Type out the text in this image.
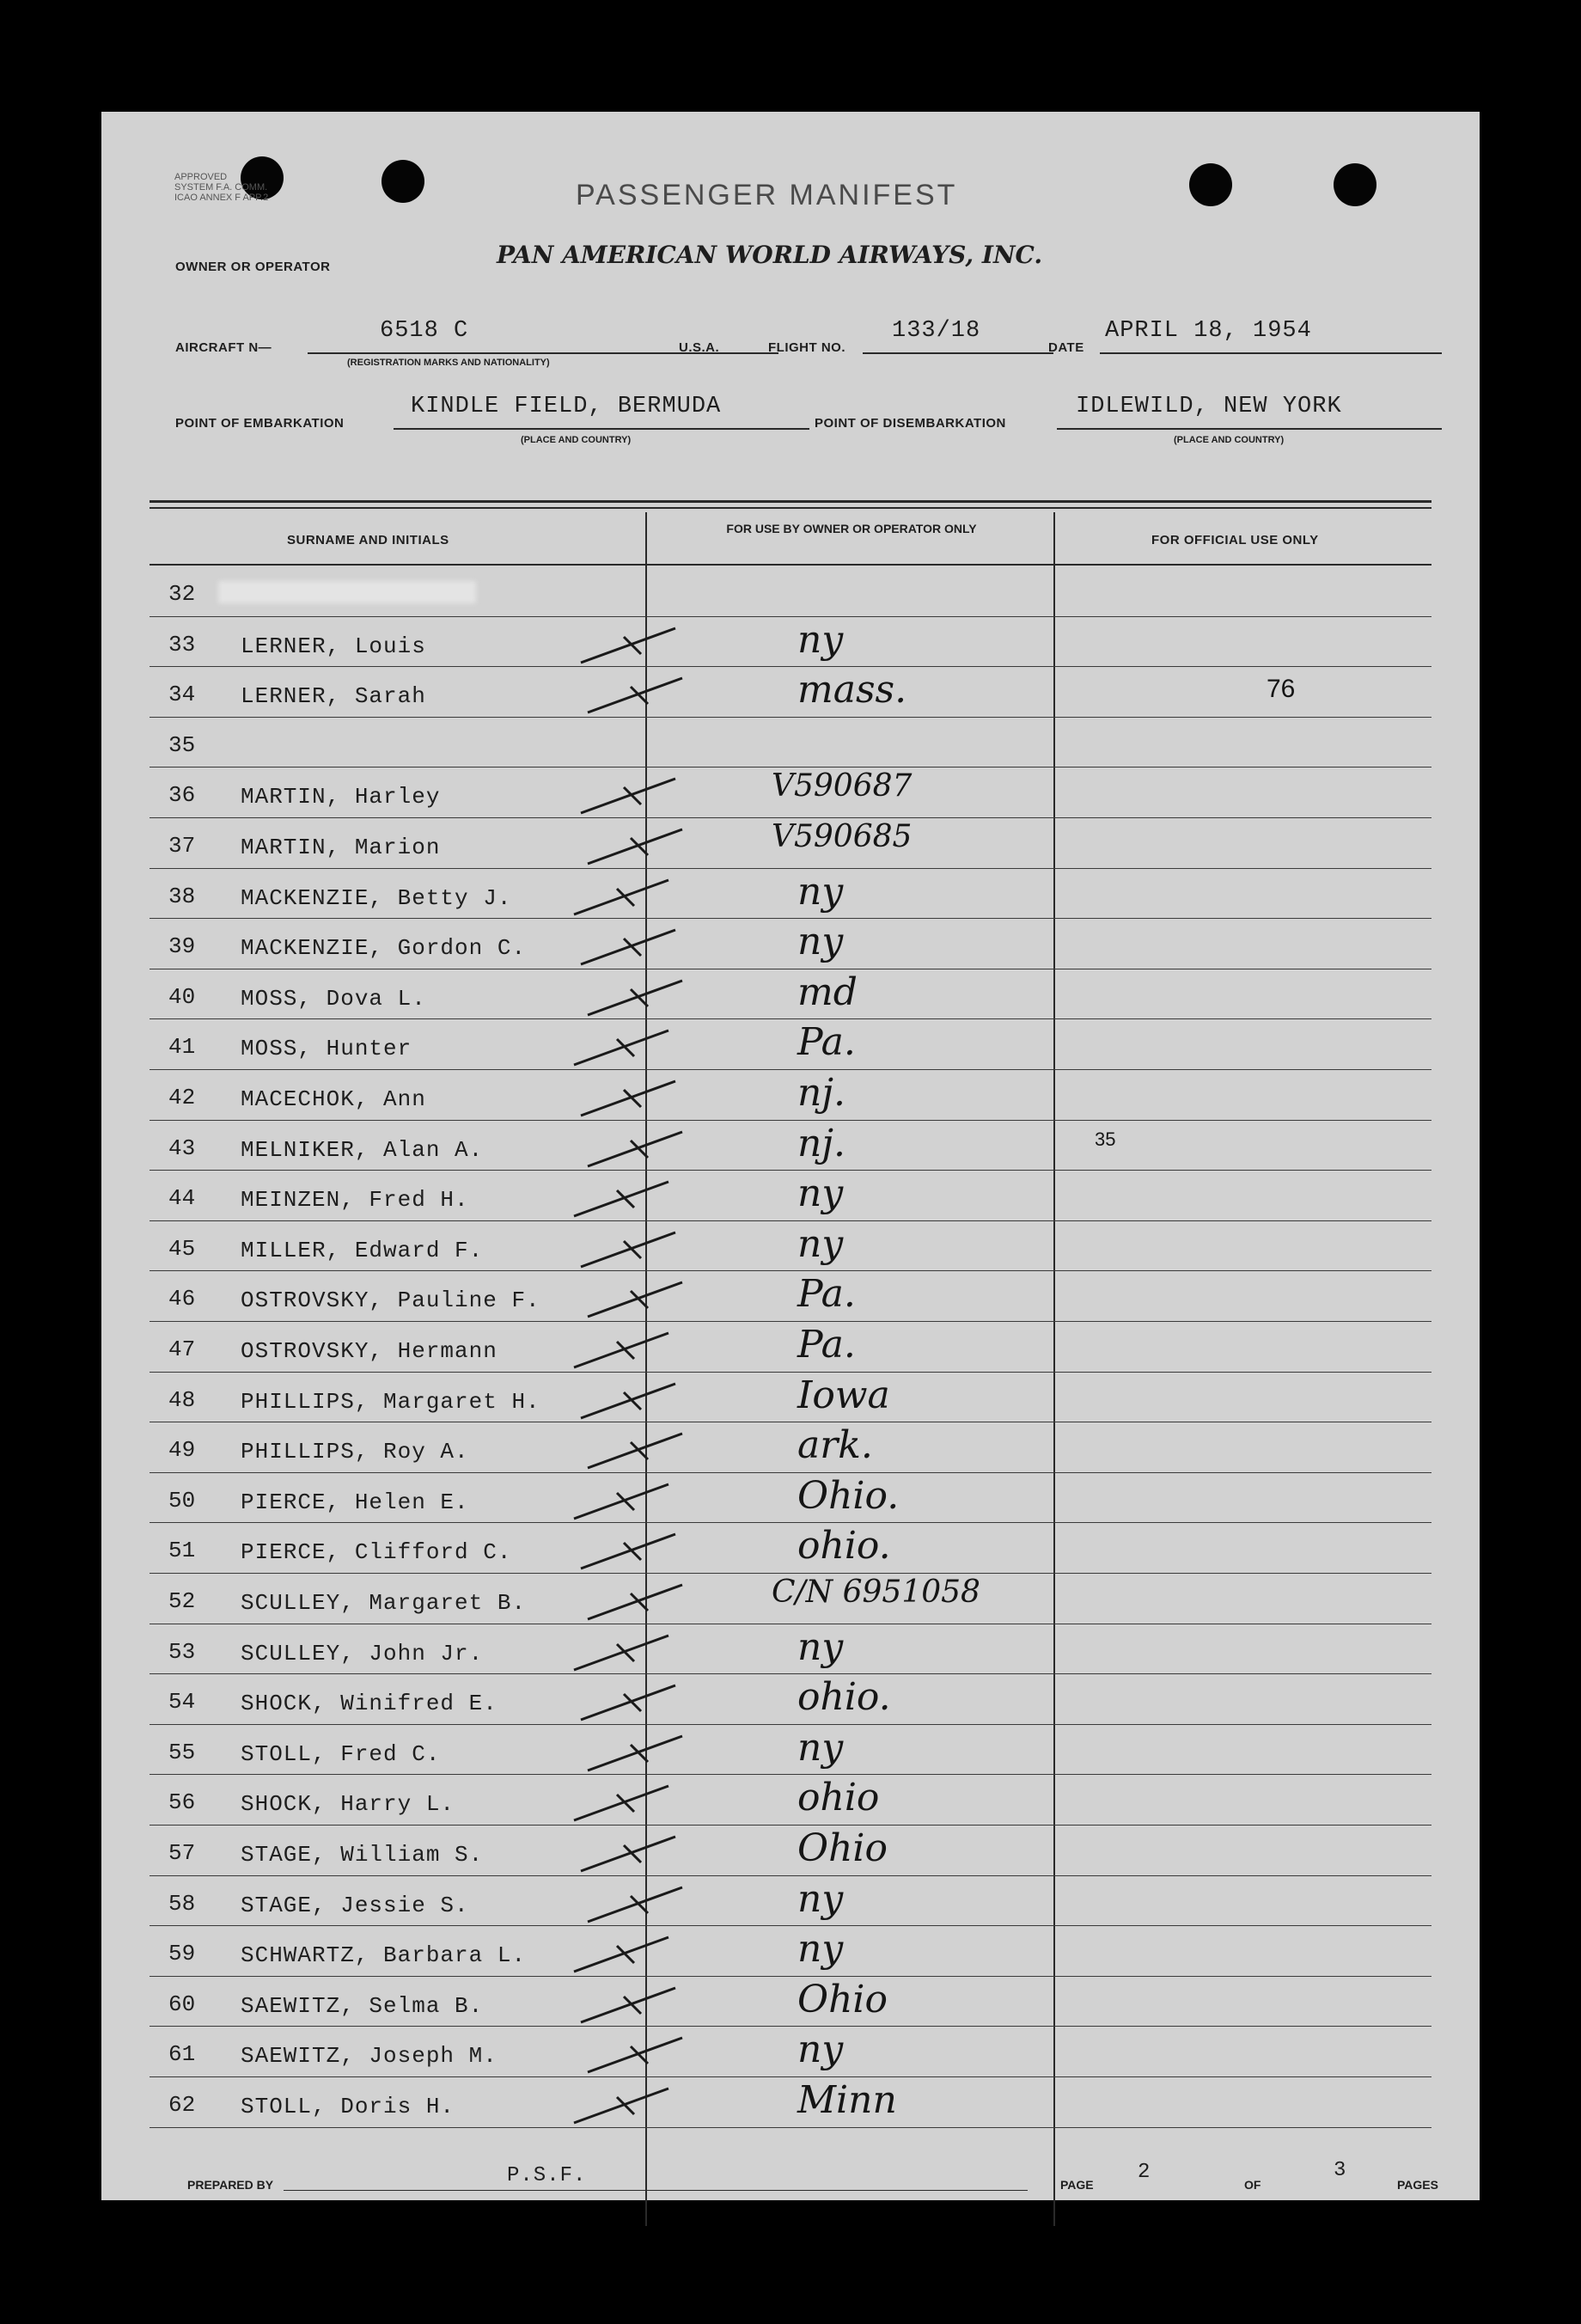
APPROVED
SYSTEM F.A. COMM.
ICAO ANNEX F APP.2	PASSENGER MANIFEST
OWNER OR OPERATOR	PAN AMERICAN WORLD AIRWAYS, INC.
AIRCRAFT N—
6518 C
(REGISTRATION MARKS AND NATIONALITY)
U.S.A.	FLIGHT NO.
133/18
DATE
APRIL 18, 1954
POINT OF EMBARKATION
KINDLE FIELD, BERMUDA
(PLACE AND COUNTRY)
POINT OF DISEMBARKATION
IDLEWILD, NEW YORK
(PLACE AND COUNTRY)
SURNAME AND INITIALS
FOR USE BY OWNER OR OPERATOR ONLY
FOR OFFICIAL USE ONLY
32
33 LERNER, Louis	ny
34 LERNER, Sarah	mass.	76
35
36 MARTIN, Harley	V590687
37 MARTIN, Marion	V590685
38 MACKENZIE, Betty J.	ny
39 MACKENZIE, Gordon C.	ny
40 MOSS, Dova L.	md
41 MOSS, Hunter	Pa.
42 MACECHOK, Ann	nj.
43 MELNIKER, Alan A.	nj.	35
44 MEINZEN, Fred H.	ny
45 MILLER, Edward F.	ny
46 OSTROVSKY, Pauline F.	Pa.
47 OSTROVSKY, Hermann	Pa.
48 PHILLIPS, Margaret H.	Iowa
49 PHILLIPS, Roy A.	ark.
50 PIERCE, Helen E.	Ohio.
51 PIERCE, Clifford C.	ohio.
52 SCULLEY, Margaret B.	C/N 6951058
53 SCULLEY, John Jr.	ny
54 SHOCK, Winifred E.	ohio.
55 STOLL, Fred C.	ny
56 SHOCK, Harry L.	ohio
57 STAGE, William S.	Ohio
58 STAGE, Jessie S.	ny
59 SCHWARTZ, Barbara L.	ny
60 SAEWITZ, Selma B.	Ohio
61 SAEWITZ, Joseph M.	ny
62 STOLL, Doris H.	Minn
PREPARED BY	P.S.F.	PAGE
2
OF
3
PAGES
